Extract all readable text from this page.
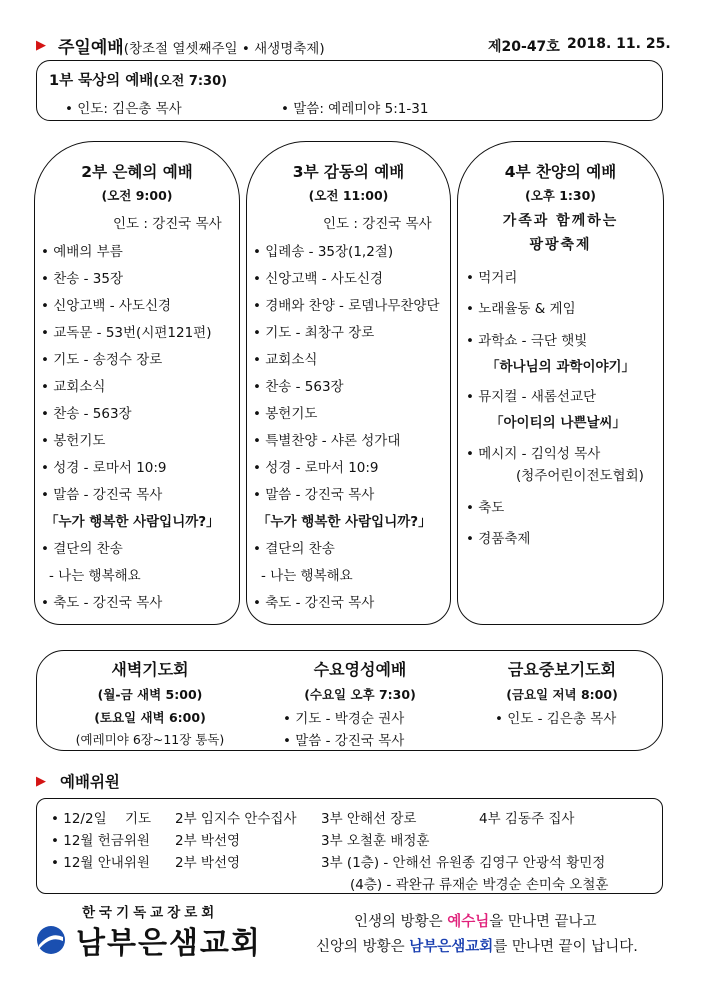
▶ 주일예배(창조절 열셋째주일 • 새생명축제)	제20-47호 2018. 11. 25.
1부 묵상의 예배(오전 7:30)
• 인도: 김은총 목사	• 말씀: 예레미야 5:1-31
2부 은혜의 예배
(오전 9:00)
인도 : 강진국 목사
• 예배의 부름
• 찬송 - 35장
• 신앙고백 - 사도신경
• 교독문 - 53번(시편121편)
• 기도 - 송정수 장로
• 교회소식
• 찬송 - 563장
• 봉헌기도
• 성경 - 로마서 10:9
• 말씀 - 강진국 목사
「누가 행복한 사람입니까?」
• 결단의 찬송
- 나는 행복해요
• 축도 - 강진국 목사
3부 감동의 예배
(오전 11:00)
인도 : 강진국 목사
• 입례송 - 35장(1,2절)
• 신앙고백 - 사도신경
• 경배와 찬양 - 로뎀나무찬양단
• 기도 - 최창구 장로
• 교회소식
• 찬송 - 563장
• 봉헌기도
• 특별찬양 - 샤론 성가대
• 성경 - 로마서 10:9
• 말씀 - 강진국 목사
「누가 행복한 사람입니까?」
• 결단의 찬송
- 나는 행복해요
• 축도 - 강진국 목사
4부 찬양의 예배
(오후 1:30)
가족과 함께하는
팡팡축제
• 먹거리
• 노래율동 & 게임
• 과학쇼 - 극단 햇빛
「하나님의 과학이야기」
• 뮤지컬 - 새롬선교단
「아이티의 나쁜날씨」
• 메시지 - 김익성 목사
(청주어린이전도협회)
• 축도
• 경품축제
새벽기도회
(월-금 새벽 5:00)
(토요일 새벽 6:00)
(예레미야 6장~11장 통독)
수요영성예배
(수요일 오후 7:30)
• 기도 - 박경순 권사
• 말씀 - 강진국 목사
금요중보기도회
(금요일 저녁 8:00)
• 인도 - 김은총 목사
▶ 예배위원
• 12/2일 기도 2부 임지수 안수집사 3부 안해선 장로	4부 김동주 집사
• 12월 헌금위원 2부 박선영	3부 오철훈 배정훈
• 12월 안내위원 2부 박선영	3부 (1층) - 안해선 유원종 김영구 안광석 황민정
(4층) - 곽완규 류재순 박경순 손미숙 오철훈
한국기독교장로회
남부은샘교회
인생의 방황은 예수님을 만나면 끝나고
신앙의 방황은 남부은샘교회를 만나면 끝이 납니다.
